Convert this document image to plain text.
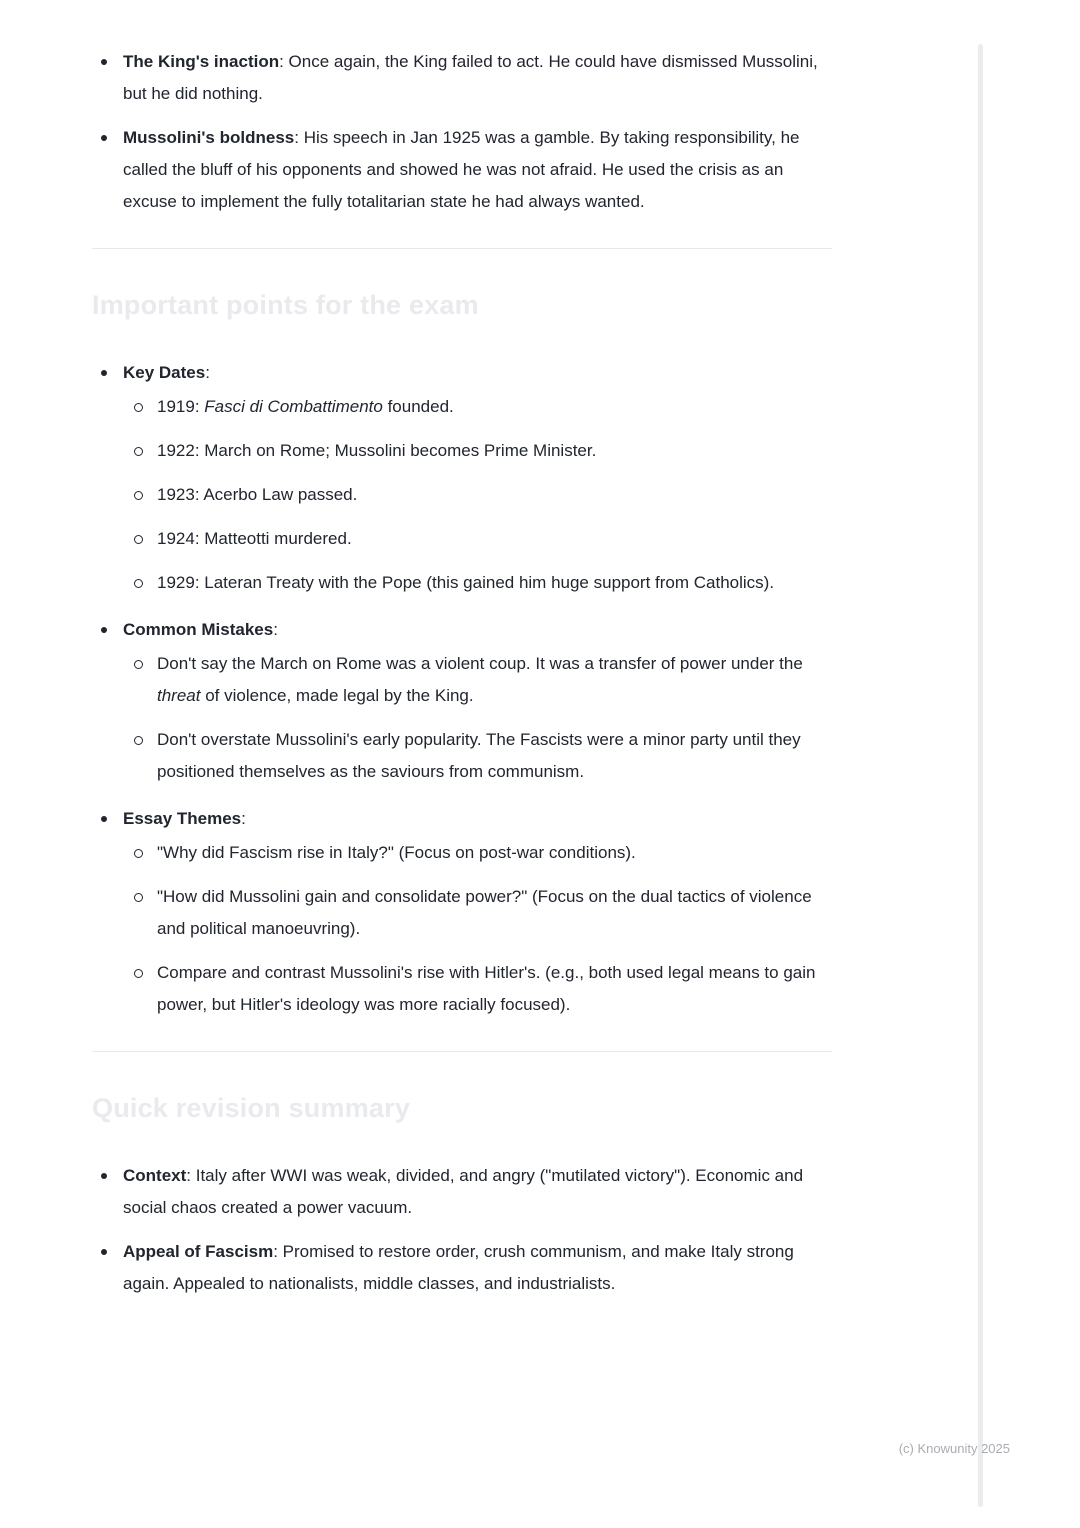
The King's inaction: Once again, the King failed to act. He could have dismissed Mussolini, but he did nothing.

Mussolini's boldness: His speech in Jan 1925 was a gamble. By taking responsibility, he called the bluff of his opponents and showed he was not afraid. He used the crisis as an excuse to implement the fully totalitarian state he had always wanted.

Important points for the exam

Key Dates:

1919: Fasci di Combattimento founded.

1922: March on Rome; Mussolini becomes Prime Minister.

1923: Acerbo Law passed.

1924: Matteotti murdered.

1929: Lateran Treaty with the Pope (this gained him huge support from Catholics).

Common Mistakes:

Don't say the March on Rome was a violent coup. It was a transfer of power under the threat of violence, made legal by the King.

Don't overstate Mussolini's early popularity. The Fascists were a minor party until they positioned themselves as the saviours from communism.

Essay Themes:

"Why did Fascism rise in Italy?" (Focus on post-war conditions).

"How did Mussolini gain and consolidate power?" (Focus on the dual tactics of violence and political manoeuvring).

Compare and contrast Mussolini's rise with Hitler's. (e.g., both used legal means to gain power, but Hitler's ideology was more racially focused).

Quick revision summary

Context: Italy after WWI was weak, divided, and angry ("mutilated victory"). Economic and social chaos created a power vacuum.

Appeal of Fascism: Promised to restore order, crush communism, and make Italy strong again. Appealed to nationalists, middle classes, and industrialists.

(c) Knowunity 2025
